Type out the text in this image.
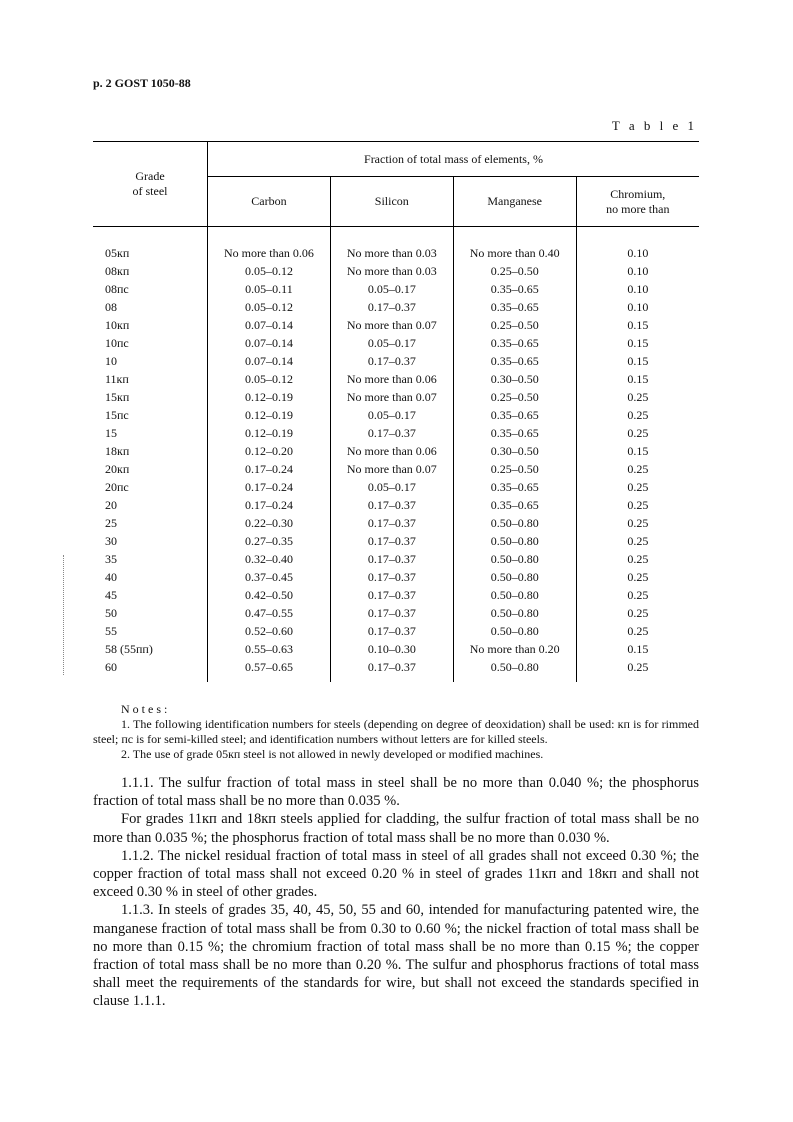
p. 2 GOST 1050-88
T a b l e 1
Grade
of steel	Fraction of total mass of elements, %			
	Carbon	Silicon	Manganese	Chromium,
no more than

05кп	No more than 0.06	No more than 0.03	No more than 0.40	0.10
08кп	0.05–0.12	No more than 0.03	0.25–0.50	0.10
08пс	0.05–0.11	0.05–0.17	0.35–0.65	0.10
08	0.05–0.12	0.17–0.37	0.35–0.65	0.10
10кп	0.07–0.14	No more than 0.07	0.25–0.50	0.15
10пс	0.07–0.14	0.05–0.17	0.35–0.65	0.15
10	0.07–0.14	0.17–0.37	0.35–0.65	0.15
11кп	0.05–0.12	No more than 0.06	0.30–0.50	0.15
15кп	0.12–0.19	No more than 0.07	0.25–0.50	0.25
15пс	0.12–0.19	0.05–0.17	0.35–0.65	0.25
15	0.12–0.19	0.17–0.37	0.35–0.65	0.25
18кп	0.12–0.20	No more than 0.06	0.30–0.50	0.15
20кп	0.17–0.24	No more than 0.07	0.25–0.50	0.25
20пс	0.17–0.24	0.05–0.17	0.35–0.65	0.25
20	0.17–0.24	0.17–0.37	0.35–0.65	0.25
25	0.22–0.30	0.17–0.37	0.50–0.80	0.25
30	0.27–0.35	0.17–0.37	0.50–0.80	0.25
35	0.32–0.40	0.17–0.37	0.50–0.80	0.25
40	0.37–0.45	0.17–0.37	0.50–0.80	0.25
45	0.42–0.50	0.17–0.37	0.50–0.80	0.25
50	0.47–0.55	0.17–0.37	0.50–0.80	0.25
55	0.52–0.60	0.17–0.37	0.50–0.80	0.25
58 (55пп)	0.55–0.63	0.10–0.30	No more than 0.20	0.15
60	0.57–0.65	0.17–0.37	0.50–0.80	0.25
Notes:

1. The following identification numbers for steels (depending on degree of deoxidation) shall be used: кп is for rimmed steel; пс is for semi-killed steel; and identification numbers without letters are for killed steels.

2. The use of grade 05кп steel is not allowed in newly developed or modified machines.

1.1.1. The sulfur fraction of total mass in steel shall be no more than 0.040 %; the phosphorus fraction of total mass shall be no more than 0.035 %.

For grades 11кп and 18кп steels applied for cladding, the sulfur fraction of total mass shall be no more than 0.035 %; the phosphorus fraction of total mass shall be no more than 0.030 %.

1.1.2. The nickel residual fraction of total mass in steel of all grades shall not exceed 0.30 %; the copper fraction of total mass shall not exceed 0.20 % in steel of grades 11кп and 18кп and shall not exceed 0.30 % in steel of other grades.

1.1.3. In steels of grades 35, 40, 45, 50, 55 and 60, intended for manufacturing patented wire, the manganese fraction of total mass shall be from 0.30 to 0.60 %; the nickel fraction of total mass shall be no more than 0.15 %; the chromium fraction of total mass shall be no more than 0.15 %; the copper fraction of total mass shall be no more than 0.20 %. The sulfur and phosphorus fractions of total mass shall meet the requirements of the standards for wire, but shall not exceed the standards specified in clause 1.1.1.
